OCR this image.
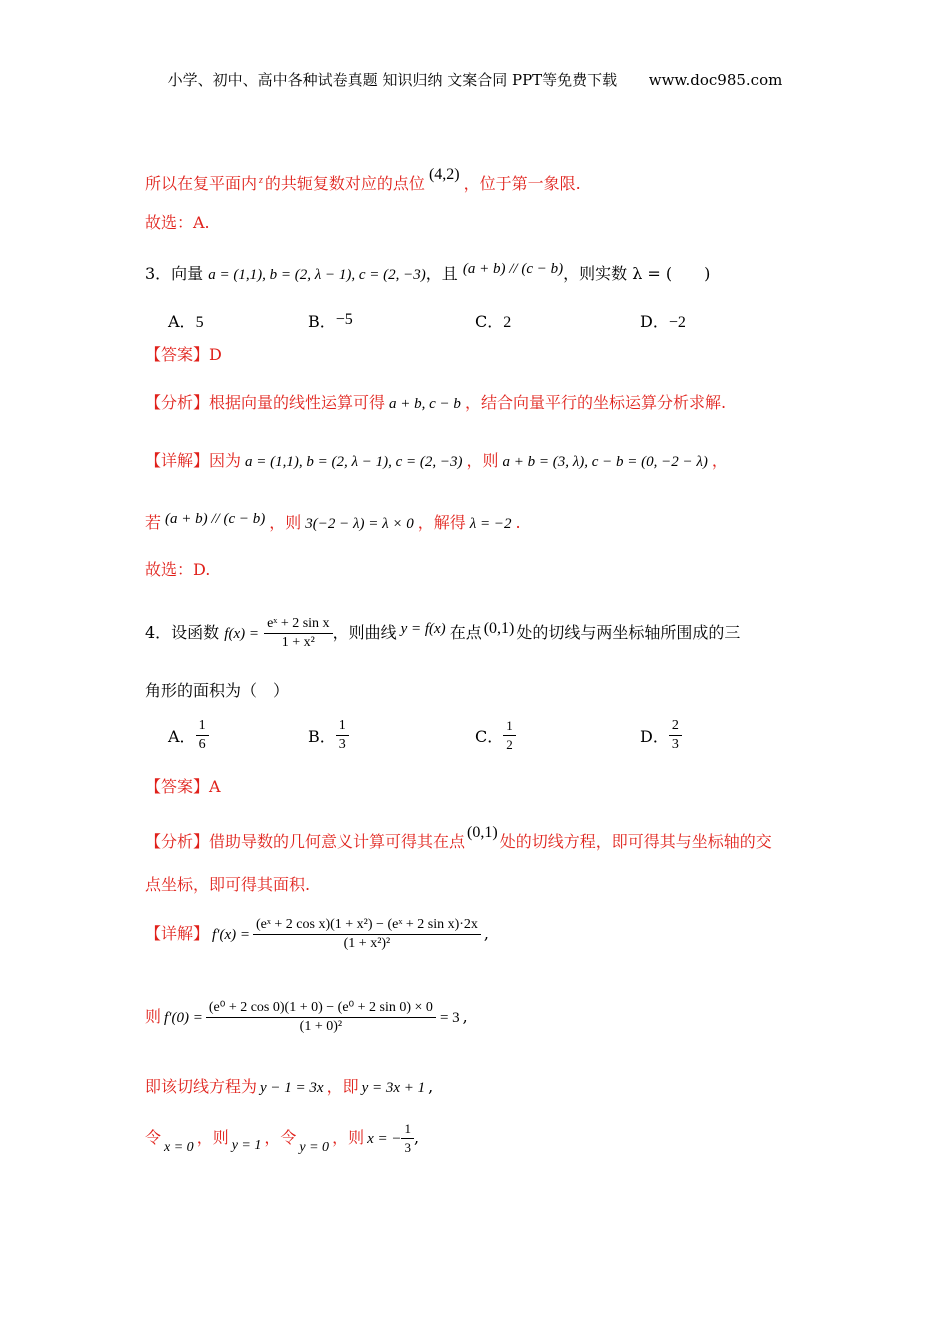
小学、初中、高中各种试卷真题 知识归纳 文案合同 PPT等免费下载 www.doc985.com
所以在复平面内 $^z$ 的共轭复数对应的点位 (4,2) ，位于第一象限.
故选：A.
3．向量 a = (1,1), b = (2, λ − 1), c = (2, −3)，且 (a + b) // (c − b)，则实数 λ = (　　)
A．5	B．−5	C．2	D．−2
【答案】D
【分析】根据向量的线性运算可得 a + b, c − b ，结合向量平行的坐标运算分析求解.
【详解】因为 a = (1,1), b = (2, λ − 1), c = (2, −3) ，则 a + b = (3, λ), c − b = (0, −2 − λ) ，
若 (a + b) // (c − b) ，则 3(−2 − λ) = λ × 0 ，解得 λ = −2 .
故选：D.
4．设函数 $f(x) = \frac{\text{eˣ + 2 sin x}}{\text{1 + x²}}$ ，则曲线 y = f(x) 在点 (0,1) 处的切线与两坐标轴所围成的三
角形的面积为（　）
A． $\frac{1}{6}$	B． $\frac{1}{3}$	C． $\frac{1}{2}$	D． $\frac{2}{3}$
【答案】A
【分析】借助导数的几何意义计算可得其在点 (0,1) 处的切线方程，即可得其与坐标轴的交
点坐标，即可得其面积.
【详解】 $f'(x) = \frac{\text{(eˣ + 2 cos x)(1 + x²) − (eˣ + 2 sin x)·2x}}{\text{(1 + x²)²}}$ ,
则 $f'(0) = \frac{\text{(e⁰ + 2 cos 0)(1 + 0) − (e⁰ + 2 sin 0) × 0}}{\text{(1 + 0)²}} = 3$ ,
即该切线方程为 y − 1 = 3x ，即 y = 3x + 1 ,
令x = 0，则 y = 1 ，令y = 0，则 x = − $\frac{1}{3}$ ,
